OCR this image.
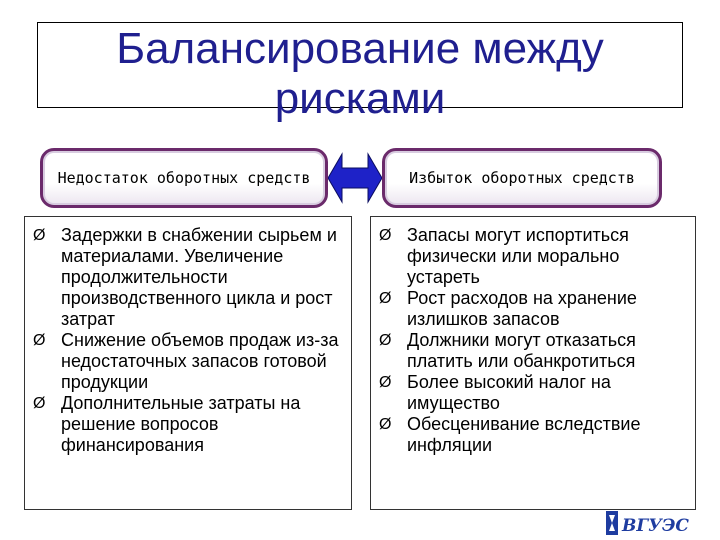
Балансирование между
рисками
Недостаток оборотных средств	Избыток оборотных средств
Ø Задержки в снабжении сырьем и материалами. Увеличение продолжительности производственного цикла и рост затрат
Ø Снижение объемов продаж из-за недостаточных запасов готовой продукции
Ø Дополнительные затраты на решение вопросов финансирования
Ø Запасы могут испортиться физически или морально устареть
Ø Рост расходов на хранение излишков запасов
Ø Должники могут отказаться платить или обанкротиться
Ø Более высокий налог на имущество
Ø Обесценивание вследствие инфляции
ВГУЭС
